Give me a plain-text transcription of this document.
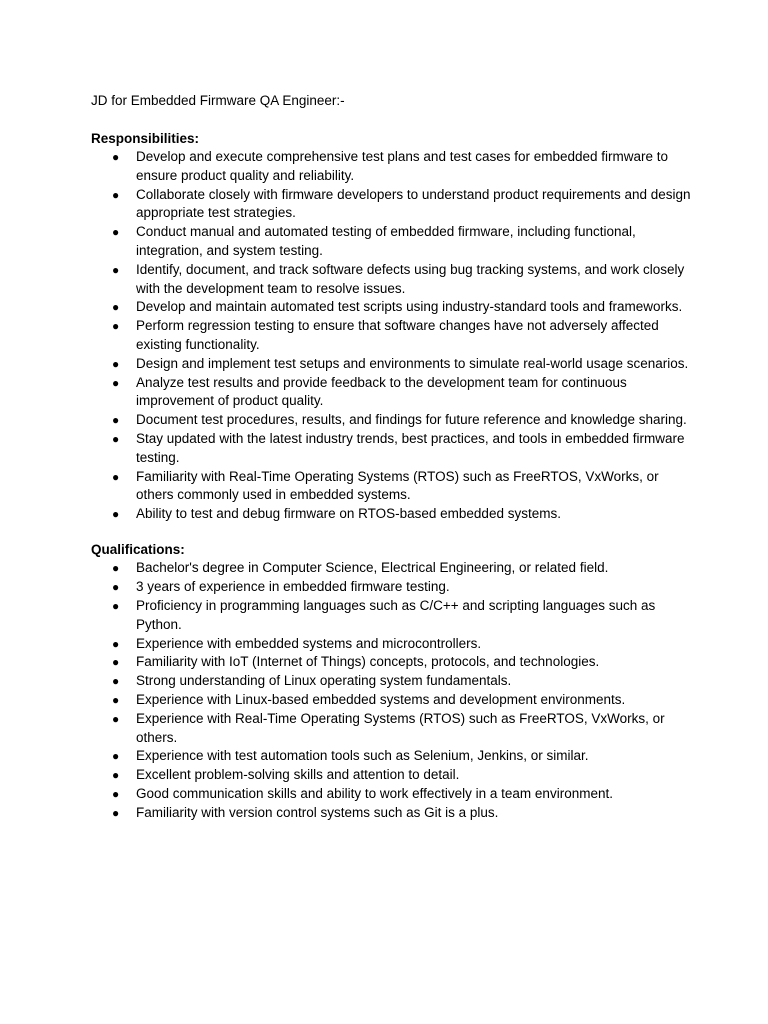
JD for Embedded Firmware QA Engineer:-

Responsibilities:

● Develop and execute comprehensive test plans and test cases for embedded firmware to ensure product quality and reliability.
● Collaborate closely with firmware developers to understand product requirements and design appropriate test strategies.
● Conduct manual and automated testing of embedded firmware, including functional, integration, and system testing.
● Identify, document, and track software defects using bug tracking systems, and work closely with the development team to resolve issues.
● Develop and maintain automated test scripts using industry-standard tools and frameworks.
● Perform regression testing to ensure that software changes have not adversely affected existing functionality.
● Design and implement test setups and environments to simulate real-world usage scenarios.
● Analyze test results and provide feedback to the development team for continuous improvement of product quality.
● Document test procedures, results, and findings for future reference and knowledge sharing.
● Stay updated with the latest industry trends, best practices, and tools in embedded firmware testing.
● Familiarity with Real-Time Operating Systems (RTOS) such as FreeRTOS, VxWorks, or others commonly used in embedded systems.
● Ability to test and debug firmware on RTOS-based embedded systems.

Qualifications:

● Bachelor's degree in Computer Science, Electrical Engineering, or related field.
● 3 years of experience in embedded firmware testing.
● Proficiency in programming languages such as C/C++ and scripting languages such as Python.
● Experience with embedded systems and microcontrollers.
● Familiarity with IoT (Internet of Things) concepts, protocols, and technologies.
● Strong understanding of Linux operating system fundamentals.
● Experience with Linux-based embedded systems and development environments.
● Experience with Real-Time Operating Systems (RTOS) such as FreeRTOS, VxWorks, or others.
● Experience with test automation tools such as Selenium, Jenkins, or similar.
● Excellent problem-solving skills and attention to detail.
● Good communication skills and ability to work effectively in a team environment.
● Familiarity with version control systems such as Git is a plus.
